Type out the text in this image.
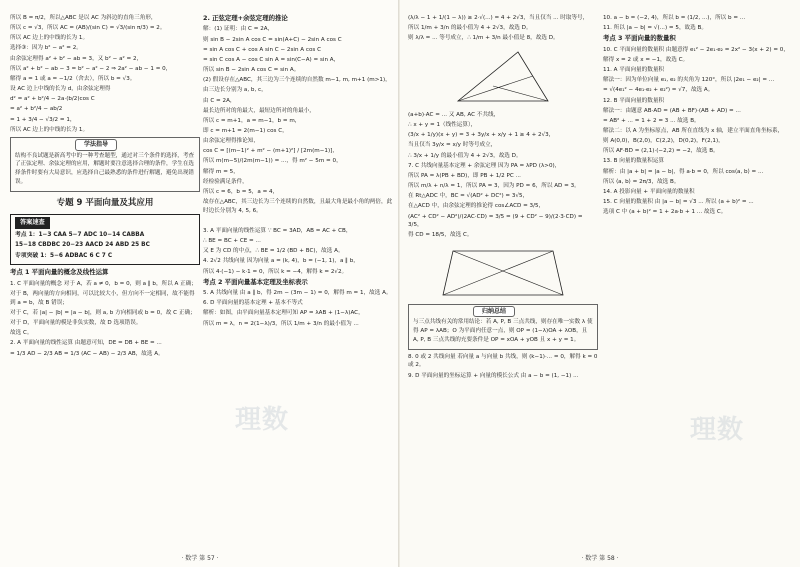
所以 B = π/2，所以△ABC 是以 AC 为斜边的直角三角形，

所以 c = √3，所以 AC = (AB)/(sin C) = √3/(sin π/3) = 2。

所以 AC 边上的中线的长为 1。

选择③：因为 b² − a² = 2。

由余弦定理得 a² + b² − ab = 3，又 b² − a² = 2，

所以 a² + b² − ab − 3 = b² − a² − 2 ⇒ 2a² − ab − 1 = 0，

解得 a = 1 或 a = −1/2（舍去），所以 b = √3。

设 AC 边上中线的长为 d，由余弦定理得

d² = a² + b²/4 − 2a·(b/2)cos C

= a² + b²/4 − ab/2

= 1 + 3/4 − √3/2 = 1，

所以 AC 边上的中线的长为 1。

学法指导

结构不良试题是新高考中的一种考查题型，通过对三个条件的选择，考查了正弦定理、余弦定理的应用，解题时要注意选择合理的条件，学生在选择条件时要有大局意识，应选择自己最熟悉的条件进行解题，避免出现错误。

专题 9 平面向量及其应用
答案速查

考点 1：1−3 CAA 5−7 ADC 10−14 CABBA

15−18 CBDBC 20−23 AACD 24 ABD 25 BC

专项突破 1：5−6 ADBAC 6 C 7 C

考点 1 平面向量的概念及线性运算

1. C 平面向量的概念 对于 A，若 a ≠ 0，b = 0，则 a ∥ b，所以 A 正确；

对于 B，两向量的方向相同，可以比较大小，但方向不一定相同，故不能得到 a = b，故 B 错误；

对于 C，若 |a| − |b| = |a − b|，则 a, b 方向相同或 b = 0，故 C 正确；

对于 D，平面向量的模是非负实数，故 D 选项错误。

故选 C。

2. A 平面向量的线性运算 由题意可知，DE = DB + BE = ...

= 1/3 AD − 2/3 AB = 1/3 (AC − AB) − 2/3 AB，故选 A。

2. 正弦定理+余弦定理的推论

解：(1) 证明：由 C = 2A，

则 sin B − 2sin A cos C = sin(A+C) − 2sin A cos C

= sin A cos C + cos A sin C − 2sin A cos C

= sin C cos A − cos C sin A = sin(C−A) = sin A，

所以 sin B − 2sin A cos C = sin A。

(2) 假设存在△ABC，其三边为三个连续的自然数 m−1, m, m+1 (m>1)，

由三边长分别为 a, b, c，

由 C = 2A，

最长边所对的角最大，最短边所对的角最小，

所以 c = m+1，a = m−1，b = m，

即 c = m+1 = 2(m−1) cos C，

由余弦定理得推论知，

cos C = [(m−1)² + m² − (m+1)²] / [2m(m−1)]，

所以 m(m−5)/(2m(m−1)) = ...，得 m² − 5m = 0，

解得 m = 5，

经检验满足条件，

所以 c = 6，b = 5，a = 4，

故存在△ABC，其三边长为三个连续的自然数，且最大角是最小角的两倍，此时边长分别为 4, 5, 6。

3. A 平面向量的线性运算 ∵ BC = 3AD，AB = AC + CB，

∴ BE = BC + CE = ...

又 E 为 CD 的中点，∴ BE = 1/2 (BD + BC)，故选 A。

4. 2√2 共线向量 因为向量 a = (k, 4)，b = (−1, 1)，a ∥ b，

所以 4·(−1) − k·1 = 0，所以 k = −4，解得 k = 2√2。

考点 2 平面向量基本定理及坐标表示

5. A 共线向量 由 a ∥ b，得 2m − (3m − 1) = 0，解得 m = 1，故选 A。

6. D 平面向量的基本定理 + 基本不等式

解析：如图，由平面向量基本定理可知 AP = λAB + (1−λ)AC，

所以 m = λ，n = 2(1−λ)/3，所以 1/m + 3/n 的最小值为 ...

理数
· 数学 第 57 ·

(λ/λ − 1 + 1/(1 − λ)) ≥ 2·√(...) = 4 + 2√3，当且仅当 ... 时取等号，

所以 1/m + 3/n 的最小值为 4 + 2√3，故选 D。

则 λ/λ = ... 等号成立，∴ 1/m + 3/n 最小值是 8，故选 D。

(a+b)·AC = ... 又 AB, AC 不共线，

∴ x + y = 1（线性运算），

(3/x + 1/y)(x + y) = 3 + 3y/x + x/y + 1 ≥ 4 + 2√3，

当且仅当 3y/x = x/y 时等号成立，

∴ 3/x + 1/y 的最小值为 4 + 2√3，故选 D。

7. C 共线向量基本定理 + 余弦定理 因为 PA = λPD (λ>0)，

所以 PA = λ(PB + BD)，即 PB + 1/2 PC ...

所以 m/λ + n/λ = 1，所以 PA = 3，因为 PD = 6，所以 AD = 3。

在 Rt△ADC 中，BC = √(AD² + DC²) = 3√5，

在△ACD 中，由余弦定理的推论得 cos∠ACD = 3/5，

(AC² + CD² − AD²)/(2AC·CD) = 3/5 = (9 + CD² − 9)/(2·3·CD) = 3/5，

得 CD = 18/5，故选 C。

归纳总结

与三点共线有关的常用结论：若 A, P, B 三点共线，则存在唯一实数 λ 使得 AP = λAB；O 为平面内任意一点，则 OP = (1−λ)OA + λOB，且 A, P, B 三点共线的充要条件是 OP = xOA + yOB 且 x + y = 1。

8. 0 或 2 共线向量 若向量 a 与向量 b 共线，则 (k−1)·... = 0，解得 k = 0 或 2。

9. D 平面向量的坐标运算 + 向量的模长公式 由 a − b = (1, −1) ...

10. a − b = (−2, 4)，所以 b = (1/2, ...)，所以 b = ...

11. 所以 |a − b| = √(...) = 5，故选 B。

考点 3 平面向量的数量积

10. C 平面向量的数量积 由题意得 e₁² − 2e₁·e₂ = 2x² − 3(x + 2) = 0，

解得 x = 2 或 x = −1，故选 C。

11. A 平面向量的数量积

解法一：因为单位向量 e₁, e₂ 的夹角为 120°，所以 |2e₁ − e₂| = ...

= √(4e₁² − 4e₁·e₂ + e₂²) = √7，故选 A。

12. B 平面向量的数量积

解法一：由题意 AB·AD = (AB + BF)·(AB + AD) = ...

= AB² + ... = 1 + 2 = 3 ... 故选 B。

解法二：以 A 为坐标原点，AB 所在直线为 x 轴，建立平面直角坐标系，

则 A(0,0)，B(2,0)，C(2,2)，D(0,2)，F(2,1)，

所以 AF·BD = (2,1)·(−2,2) = −2，故选 B。

13. B 向量的数量积运算

解析：由 |a + b| = |a − b|，得 a·b = 0，所以 cos⟨a, b⟩ = ...

所以 ⟨a, b⟩ = 2π/3，故选 B。

14. A 投影向量 + 平面向量的数量积

15. C 向量的数量积 由 |a − b| = √3 ... 所以 (a + b)² = ...

选项 C 中 (a + b)² = 1 + 2a·b + 1 ... 故选 C。

理数
· 数学 第 58 ·
